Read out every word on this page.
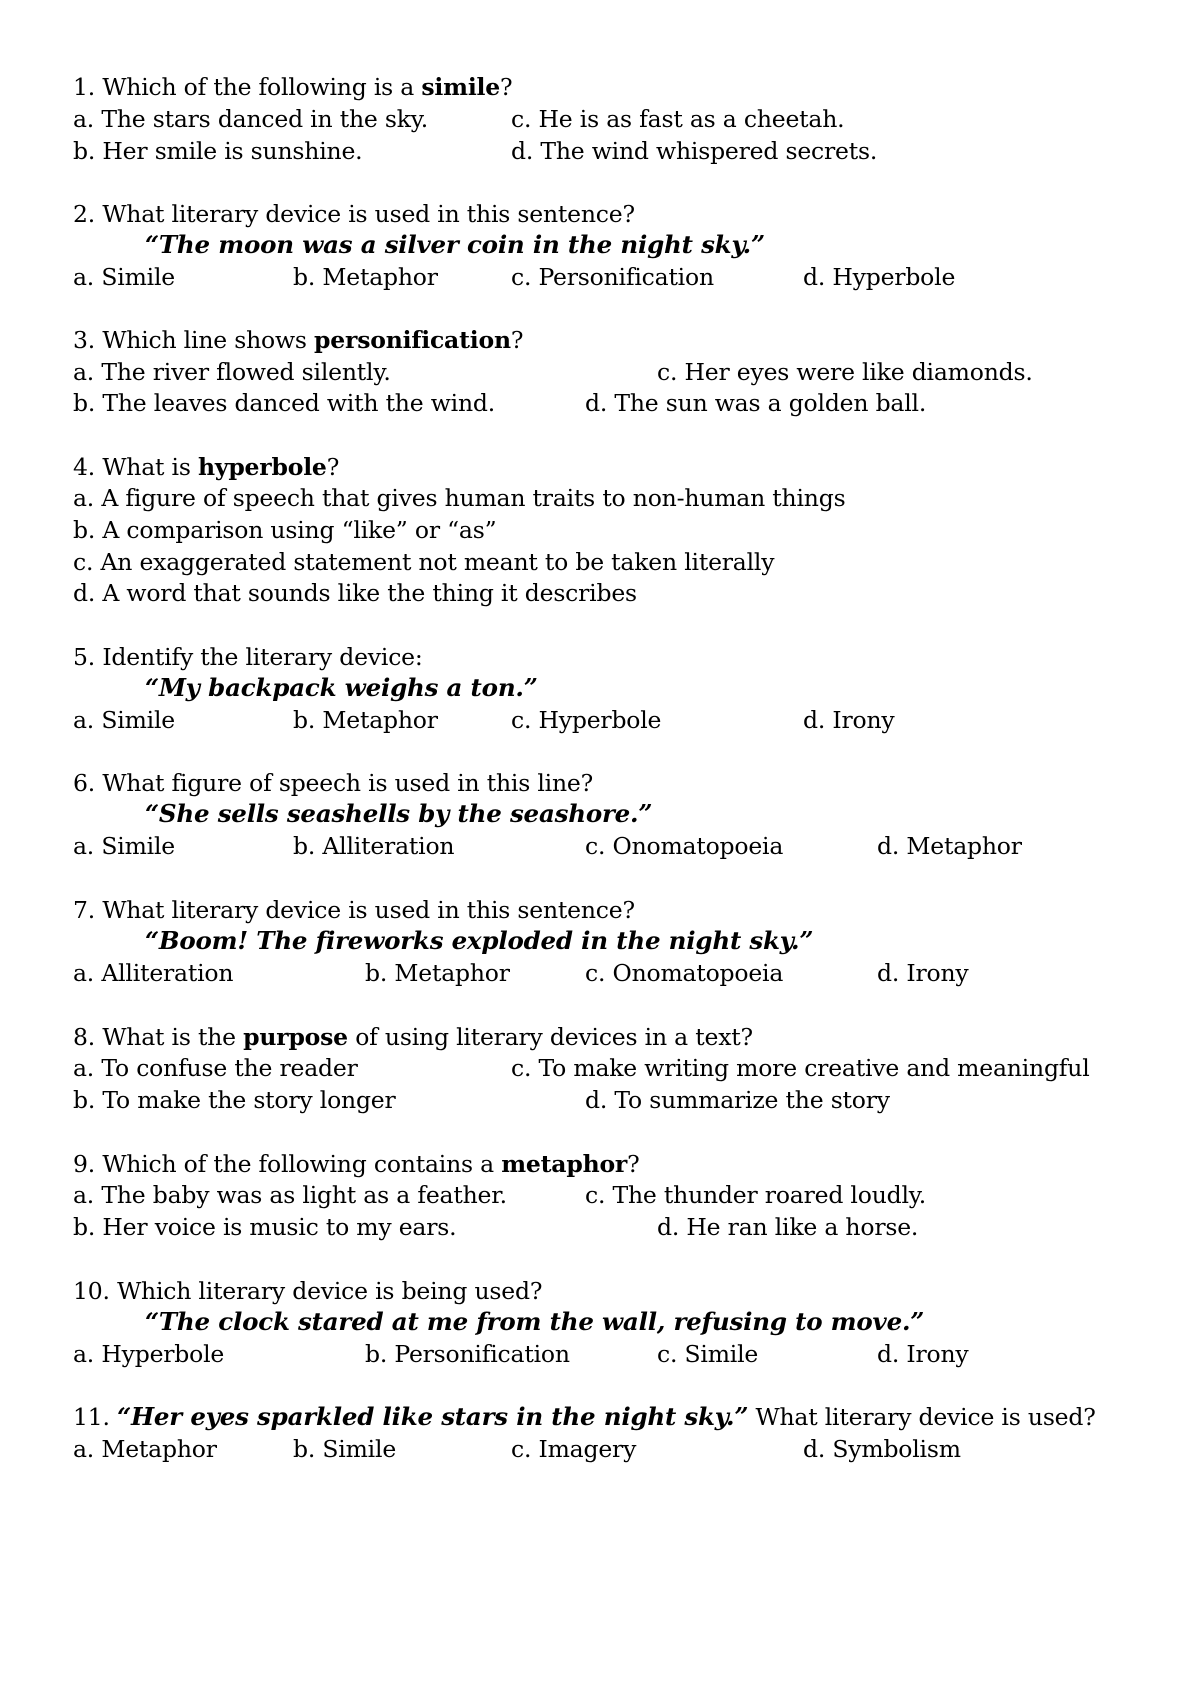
1. Which of the following is a simile?
a. The stars danced in the sky.	c. He is as fast as a cheetah.
b. Her smile is sunshine.	d. The wind whispered secrets.
2. What literary device is used in this sentence?
“The moon was a silver coin in the night sky.”
a. Simile	b. Metaphor	c. Personification	d. Hyperbole
3. Which line shows personification?
a. The river flowed silently.	c. Her eyes were like diamonds.
b. The leaves danced with the wind.	d. The sun was a golden ball.
4. What is hyperbole?
a. A figure of speech that gives human traits to non-human things
b. A comparison using “like” or “as”
c. An exaggerated statement not meant to be taken literally
d. A word that sounds like the thing it describes
5. Identify the literary device:
“My backpack weighs a ton.”
a. Simile	b. Metaphor	c. Hyperbole	d. Irony
6. What figure of speech is used in this line?
“She sells seashells by the seashore.”
a. Simile	b. Alliteration	c. Onomatopoeia	d. Metaphor
7. What literary device is used in this sentence?
“Boom! The fireworks exploded in the night sky.”
a. Alliteration	b. Metaphor	c. Onomatopoeia	d. Irony
8. What is the purpose of using literary devices in a text?
a. To confuse the reader	c. To make writing more creative and meaningful
b. To make the story longer	d. To summarize the story
9. Which of the following contains a metaphor?
a. The baby was as light as a feather.	c. The thunder roared loudly.
b. Her voice is music to my ears.	d. He ran like a horse.
10. Which literary device is being used?
“The clock stared at me from the wall, refusing to move.”
a. Hyperbole	b. Personification	c. Simile	d. Irony
11. “Her eyes sparkled like stars in the night sky.” What literary device is used?
a. Metaphor	b. Simile	c. Imagery	d. Symbolism
